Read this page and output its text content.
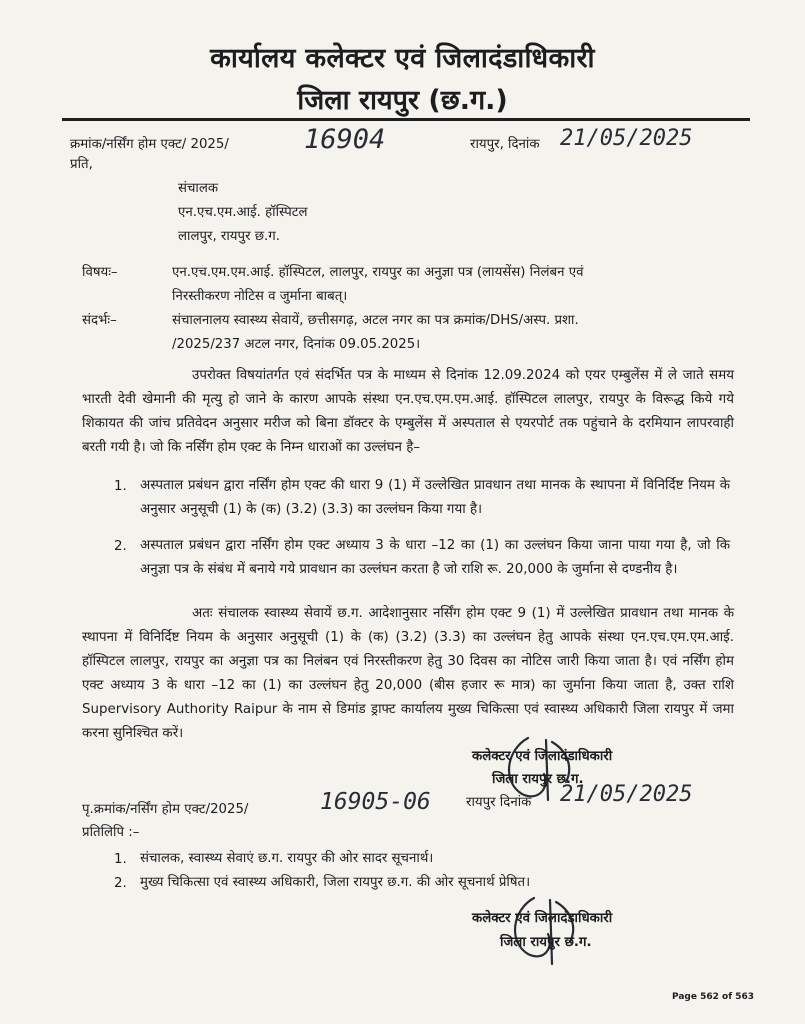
कार्यालय कलेक्टर एवं जिलादंडाधिकारी
जिला रायपुर (छ.ग.)
क्रमांक/नर्सिंग होम एक्ट/ 2025/	16904	रायपुर, दिनांक 21/05/2025
प्रति,
संचालक
एन.एच.एम.आई. हॉस्पिटल
लालपुर, रायपुर छ.ग.
विषयः–	एन.एच.एम.एम.आई. हॉस्पिटल, लालपुर, रायपुर का अनुज्ञा पत्र (लायसेंस) निलंबन एवं
निरस्तीकरण नोटिस व जुर्माना बाबत्।
संदर्भः–	संचालनालय स्वास्थ्य सेवायें, छत्तीसगढ़, अटल नगर का पत्र क्रमांक/DHS/अस्प. प्रशा.
/2025/237 अटल नगर, दिनांक 09.05.2025।
उपरोक्त विषयांतर्गत एवं संदर्भित पत्र के माध्यम से दिनांक 12.09.2024 को एयर एम्बुलेंस में ले जाते समय भारती देवी खेमानी की मृत्यु हो जाने के कारण आपके संस्था एन.एच.एम.एम.आई. हॉस्पिटल लालपुर, रायपुर के विरूद्ध किये गये शिकायत की जांच प्रतिवेदन अनुसार मरीज को बिना डॉक्टर के एम्बुलेंस में अस्पताल से एयरपोर्ट तक पहुंचाने के दरमियान लापरवाही बरती गयी है। जो कि नर्सिंग होम एक्ट के निम्न धाराओं का उल्लंघन है–
1. अस्पताल प्रबंधन द्वारा नर्सिंग होम एक्ट की धारा 9 (1) में उल्लेखित प्रावधान तथा मानक के स्थापना में विनिर्दिष्ट नियम के अनुसार अनुसूची (1) के (क) (3.2) (3.3) का उल्लंघन किया गया है।
2. अस्पताल प्रबंधन द्वारा नर्सिंग होम एक्ट अध्याय 3 के धारा –12 का (1) का उल्लंघन किया जाना पाया गया है, जो कि अनुज्ञा पत्र के संबंध में बनाये गये प्रावधान का उल्लंघन करता है जो राशि रू. 20,000 के जुर्माना से दण्डनीय है।
अतः संचालक स्वास्थ्य सेवायें छ.ग. आदेशानुसार नर्सिंग होम एक्ट 9 (1) में उल्लेखित प्रावधान तथा मानक के स्थापना में विनिर्दिष्ट नियम के अनुसार अनुसूची (1) के (क) (3.2) (3.3) का उल्लंघन हेतु आपके संस्था एन.एच.एम.एम.आई. हॉस्पिटल लालपुर, रायपुर का अनुज्ञा पत्र का निलंबन एवं निरस्तीकरण हेतु 30 दिवस का नोटिस जारी किया जाता है। एवं नर्सिंग होम एक्ट अध्याय 3 के धारा –12 का (1) का उल्लंघन हेतु 20,000 (बीस हजार रू मात्र) का जुर्माना किया जाता है, उक्त राशि Supervisory Authority Raipur के नाम से डिमांड ड्राफ्ट कार्यालय मुख्य चिकित्सा एवं स्वास्थ्य अधिकारी जिला रायपुर में जमा करना सुनिश्चित करें।
कलेक्टर एवं जिलादंडाधिकारी
जिला रायपुर छ.ग.
रायपुर दिनांक 21/05/2025
पृ.क्रमांक/नर्सिंग होम एक्ट/2025/	16905-06
प्रतिलिपि :–
1. संचालक, स्वास्थ्य सेवाएं छ.ग. रायपुर की ओर सादर सूचनार्थ।
2. मुख्य चिकित्सा एवं स्वास्थ्य अधिकारी, जिला रायपुर छ.ग. की ओर सूचनार्थ प्रेषित।
कलेक्टर एवं जिलादंडाधिकारी
जिला रायपुर छ.ग.
Page 562 of 563
